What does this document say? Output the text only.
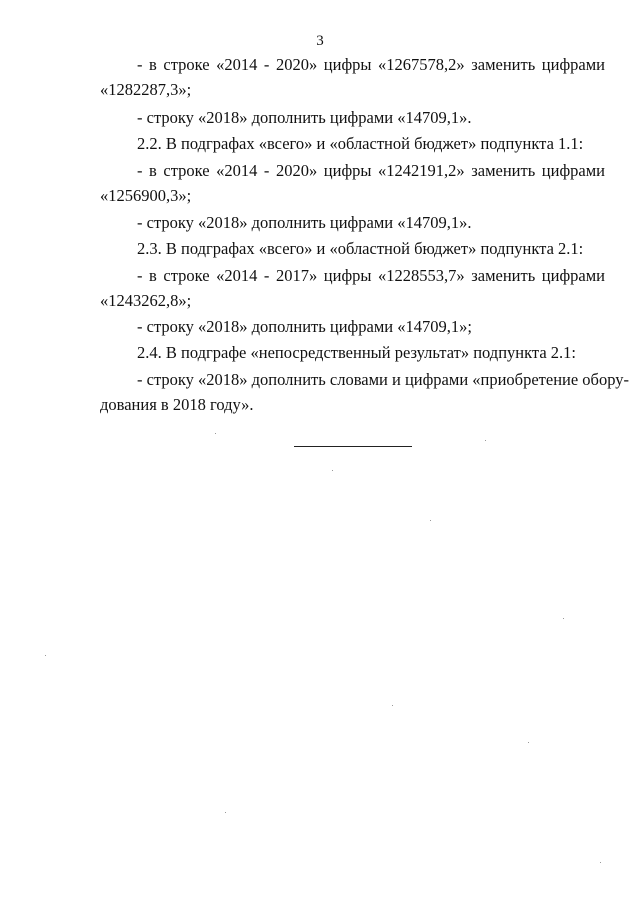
3
- в строке «2014 - 2020» цифры «1267578,2» заменить цифрами
«1282287,3»;
- строку «2018» дополнить цифрами «14709,1».
2.2. В подграфах «всего» и «областной бюджет» подпункта 1.1:
- в строке «2014 - 2020» цифры «1242191,2» заменить цифрами
«1256900,3»;
- строку «2018» дополнить цифрами «14709,1».
2.3. В подграфах «всего» и «областной бюджет» подпункта 2.1:
- в строке «2014 - 2017» цифры «1228553,7» заменить цифрами
«1243262,8»;
- строку «2018» дополнить цифрами «14709,1»;
2.4. В подграфе «непосредственный результат» подпункта 2.1:
- строку «2018» дополнить словами и цифрами «приобретение обору-
дования в 2018 году».
